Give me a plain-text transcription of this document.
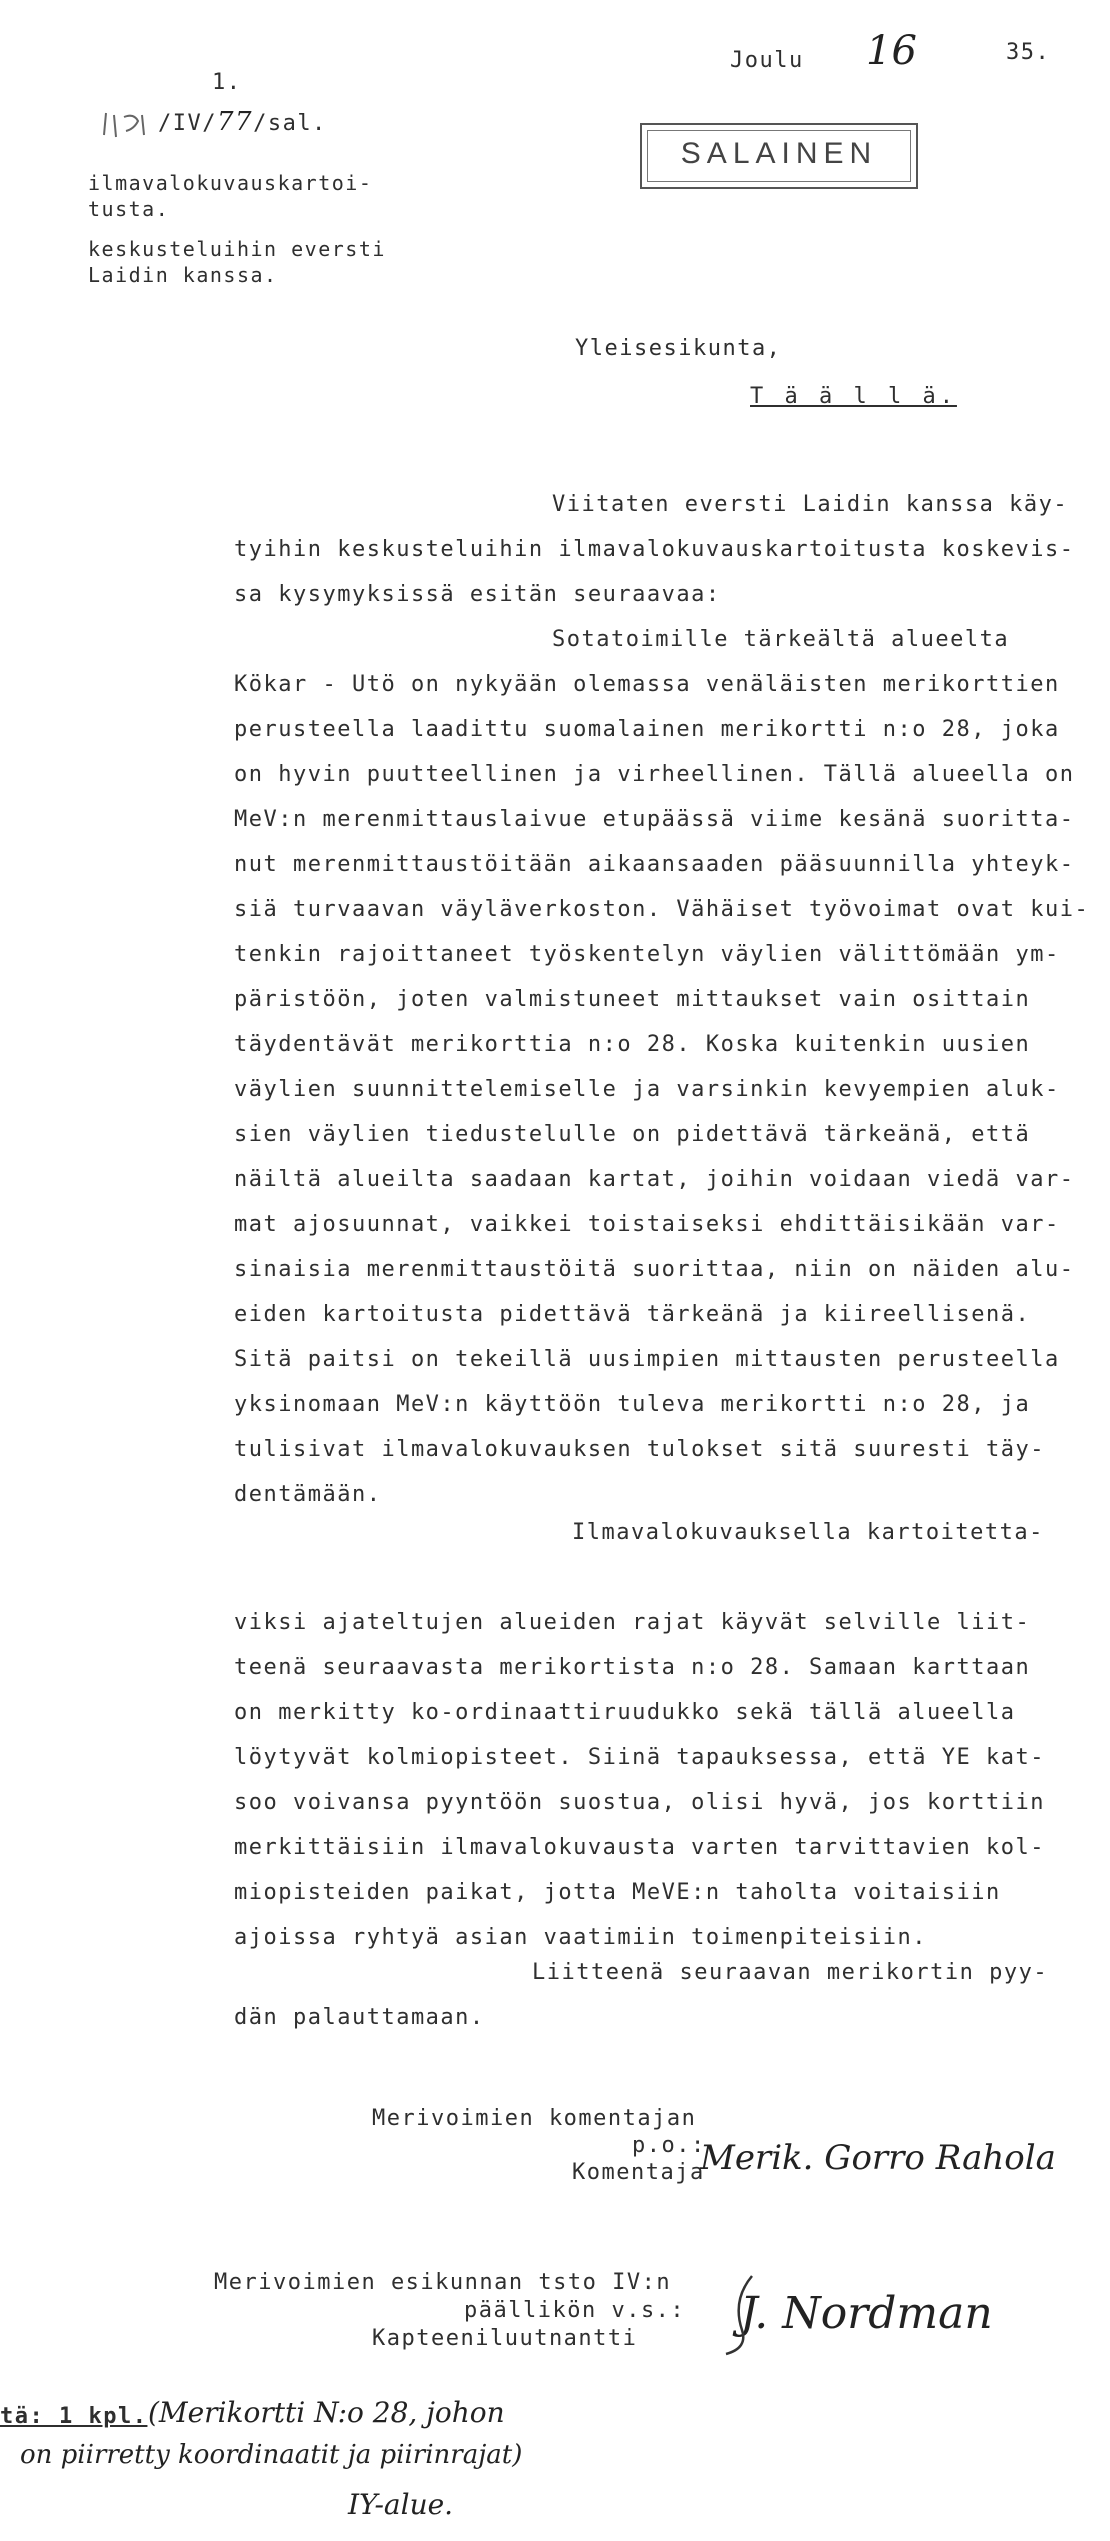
1.
/IV/77/sal.
ilmavalokuvauskartoi-
tusta.
keskusteluihin eversti
Laidin kanssa.
Joulu 16	35.
SALAINEN
Yleisesikunta,
T ä ä l l ä.
Viitaten eversti Laidin kanssa käy-
tyihin keskusteluihin ilmavalokuvauskartoitusta koskevis-
sa kysymyksissä esitän seuraavaa:
Sotatoimille tärkeältä alueelta
Kökar - Utö on nykyään olemassa venäläisten merikorttien
perusteella laadittu suomalainen merikortti n:o 28, joka
on hyvin puutteellinen ja virheellinen. Tällä alueella on
MeV:n merenmittauslaivue etupäässä viime kesänä suoritta-
nut merenmittaustöitään aikaansaaden pääsuunnilla yhteyk-
siä turvaavan väyläverkoston. Vähäiset työvoimat ovat kui-
tenkin rajoittaneet työskentelyn väylien välittömään ym-
päristöön, joten valmistuneet mittaukset vain osittain
täydentävät merikorttia n:o 28. Koska kuitenkin uusien
väylien suunnittelemiselle ja varsinkin kevyempien aluk-
sien väylien tiedustelulle on pidettävä tärkeänä, että
näiltä alueilta saadaan kartat, joihin voidaan viedä var-
mat ajosuunnat, vaikkei toistaiseksi ehdittäisikään var-
sinaisia merenmittaustöitä suorittaa, niin on näiden alu-
eiden kartoitusta pidettävä tärkeänä ja kiireellisenä.
Sitä paitsi on tekeillä uusimpien mittausten perusteella
yksinomaan MeV:n käyttöön tuleva merikortti n:o 28, ja
tulisivat ilmavalokuvauksen tulokset sitä suuresti täy-
dentämään.
Ilmavalokuvauksella kartoitetta-
viksi ajateltujen alueiden rajat käyvät selville liit-
teenä seuraavasta merikortista n:o 28. Samaan karttaan
on merkitty ko-ordinaattiruudukko sekä tällä alueella
löytyvät kolmiopisteet. Siinä tapauksessa, että YE kat-
soo voivansa pyyntöön suostua, olisi hyvä, jos korttiin
merkittäisiin ilmavalokuvausta varten tarvittavien kol-
miopisteiden paikat, jotta MeVE:n taholta voitaisiin
ajoissa ryhtyä asian vaatimiin toimenpiteisiin.
Liitteenä seuraavan merikortin pyy-
dän palauttamaan.
Merivoimien komentajan
p.o.:
Komentaja
Merik. Gorro Rahola
Merivoimien esikunnan tsto IV:n
päällikön v.s.:
Kapteeniluutnantti J. Nordman
tä: 1 kpl. (Merikortti N:o 28, johon
on piirretty koordinaatit ja piirinrajat)
IY-alue.
